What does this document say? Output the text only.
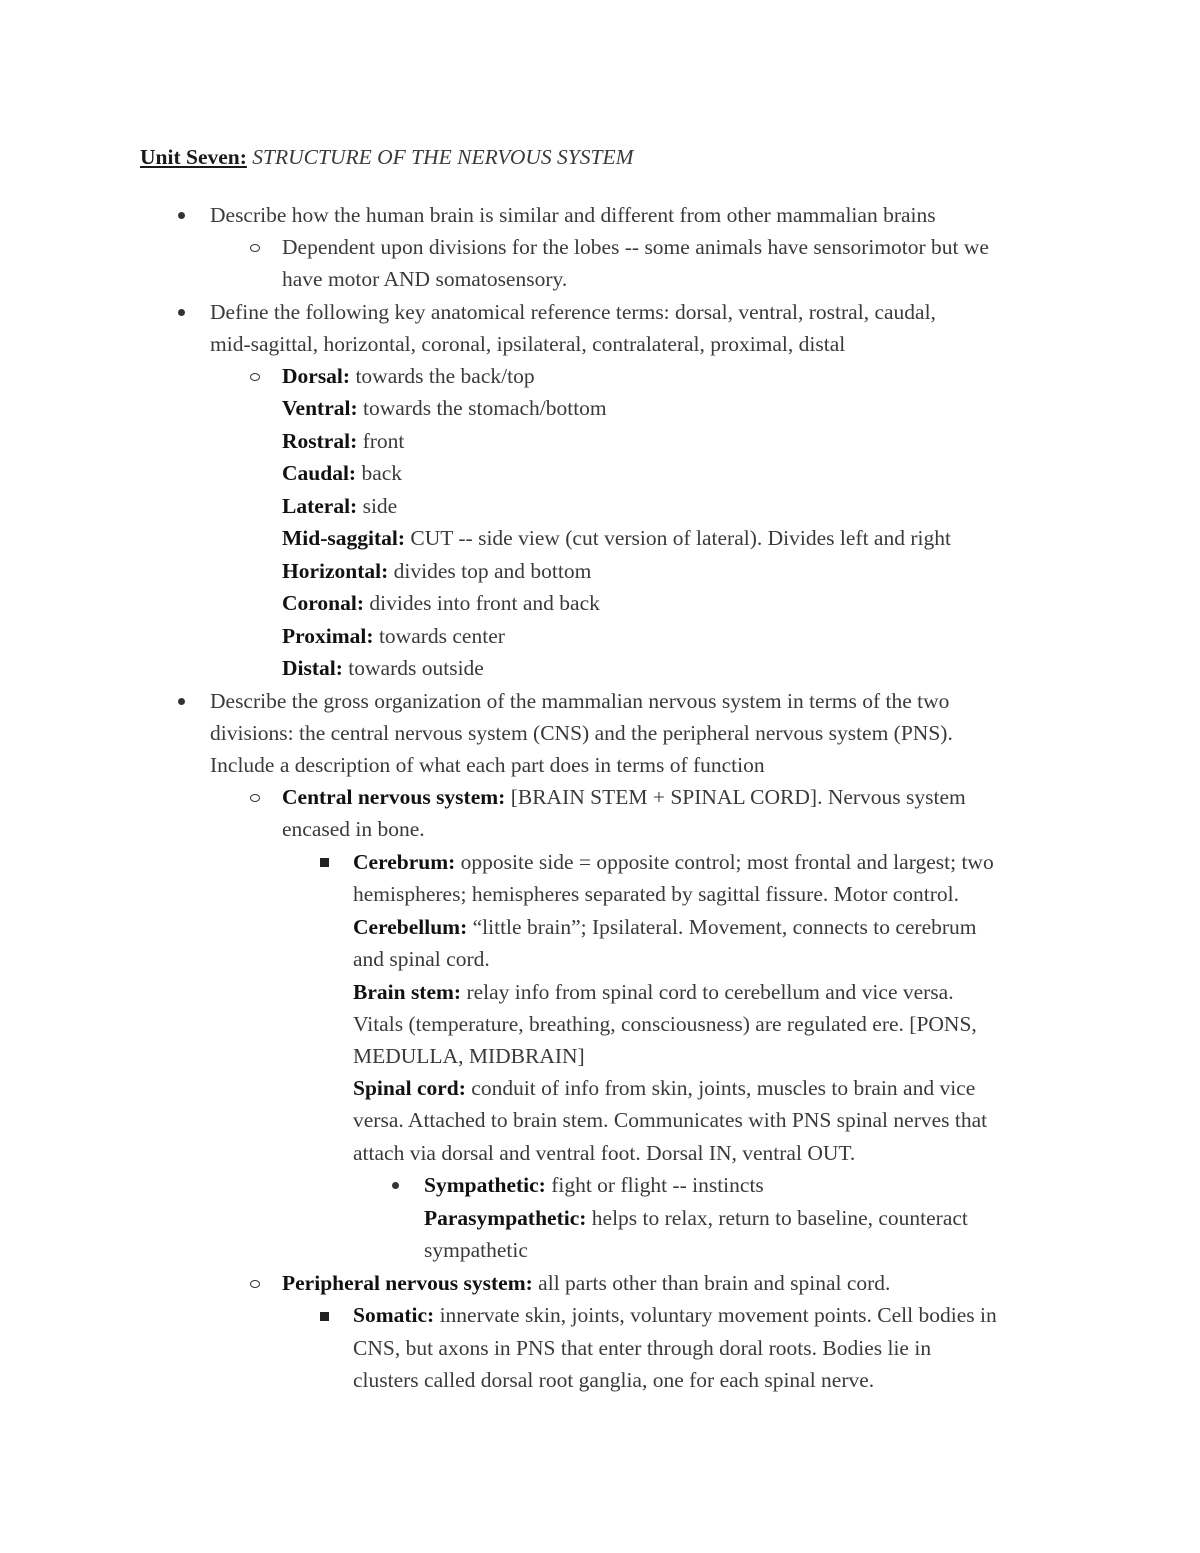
Unit Seven: STRUCTURE OF THE NERVOUS SYSTEM
Describe how the human brain is similar and different from other mammalian brains
Dependent upon divisions for the lobes -- some animals have sensorimotor but we
have motor AND somatosensory.
Define the following key anatomical reference terms: dorsal, ventral, rostral, caudal,
mid-sagittal, horizontal, coronal, ipsilateral, contralateral, proximal, distal
Dorsal: towards the back/top
Ventral: towards the stomach/bottom
Rostral: front
Caudal: back
Lateral: side
Mid-saggital: CUT -- side view (cut version of lateral). Divides left and right
Horizontal: divides top and bottom
Coronal: divides into front and back
Proximal: towards center
Distal: towards outside
Describe the gross organization of the mammalian nervous system in terms of the two
divisions: the central nervous system (CNS) and the peripheral nervous system (PNS).
Include a description of what each part does in terms of function
Central nervous system: [BRAIN STEM + SPINAL CORD]. Nervous system
encased in bone.
Cerebrum: opposite side = opposite control; most frontal and largest; two
hemispheres; hemispheres separated by sagittal fissure. Motor control.
Cerebellum: “little brain”; Ipsilateral. Movement, connects to cerebrum
and spinal cord.
Brain stem: relay info from spinal cord to cerebellum and vice versa.
Vitals (temperature, breathing, consciousness) are regulated ere. [PONS,
MEDULLA, MIDBRAIN]
Spinal cord: conduit of info from skin, joints, muscles to brain and vice
versa. Attached to brain stem. Communicates with PNS spinal nerves that
attach via dorsal and ventral foot. Dorsal IN, ventral OUT.
Sympathetic: fight or flight -- instincts
Parasympathetic: helps to relax, return to baseline, counteract
sympathetic
Peripheral nervous system: all parts other than brain and spinal cord.
Somatic: innervate skin, joints, voluntary movement points. Cell bodies in
CNS, but axons in PNS that enter through doral roots. Bodies lie in
clusters called dorsal root ganglia, one for each spinal nerve.
